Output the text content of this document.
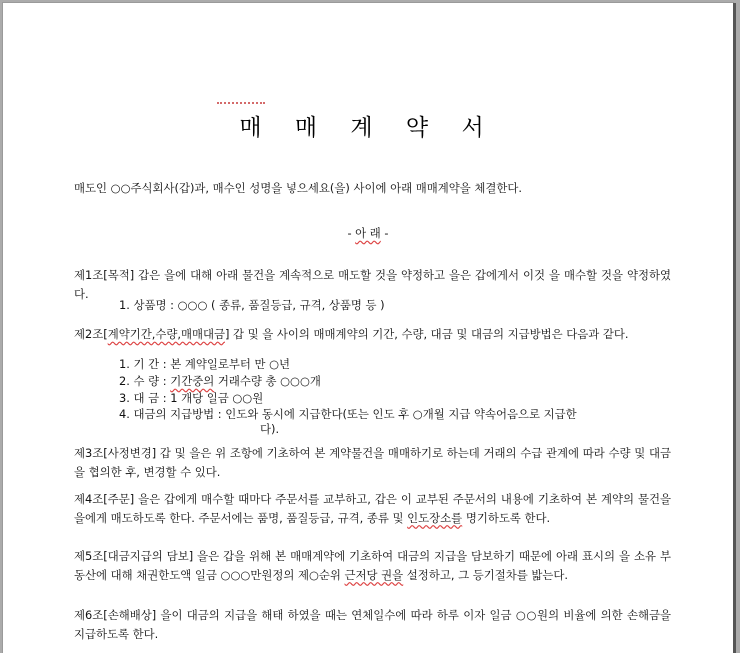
매 매 계 약 서
매도인 ○○주식회사(갑)과, 매수인 성명을 넣으세요(을) 사이에 아래 매매계약을 체결한다.
- 아 래 -
제1조[목적] 갑은 을에 대해 아래 물건을 계속적으로 매도할 것을 약정하고 을은 갑에게서 이것 을 매수할 것을 약정하였다.
1. 상품명 : ○○○ ( 종류, 품질등급, 규격, 상품명 등 )
제2조[계약기간,수량,매매대금] 갑 및 을 사이의 매매계약의 기간, 수량, 대금 및 대금의 지급방법은 다음과 같다.
1. 기 간 : 본 계약일로부터 만 ○년
2. 수 량 : 기간중의 거래수량 총 ○○○개
3. 대 금 : 1 개당 일금 ○○원
4. 대금의 지급방법 : 인도와 동시에 지급한다(또는 인도 후 ○개월 지급 약속어음으로 지급한
다).
제3조[사정변경] 갑 및 을은 위 조항에 기초하여 본 계약물건을 매매하기로 하는데 거래의 수급 관계에 따라 수량 및 대금을 협의한 후, 변경할 수 있다.
제4조[주문] 을은 갑에게 매수할 때마다 주문서를 교부하고, 갑은 이 교부된 주문서의 내용에 기초하여 본 계약의 물건을 을에게 매도하도록 한다. 주문서에는 품명, 품질등급, 규격, 종류 및 인도장소를 명기하도록 한다.
제5조[대금지급의 담보] 을은 갑을 위해 본 매매계약에 기초하여 대금의 지급을 담보하기 때문에 아래 표시의 을 소유 부동산에 대해 채권한도액 일금 ○○○만원정의 제○순위 근저당 권을 설정하고, 그 등기절차를 밟는다.
제6조[손해배상] 을이 대금의 지급을 해태 하였을 때는 연체일수에 따라 하루 이자 일금 ○○원의 비율에 의한 손해금을 지급하도록 한다.
